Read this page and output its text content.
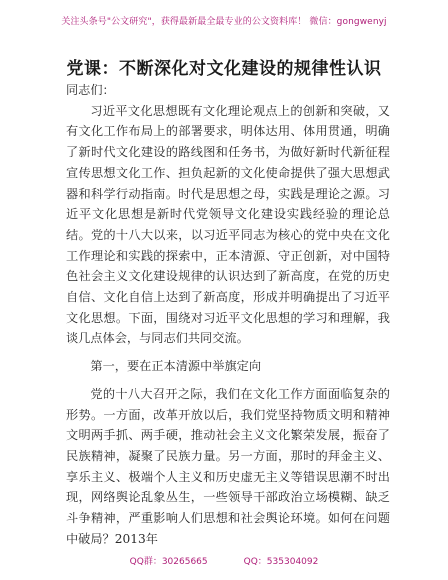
关注头条号"公文研究"，获得最新最全最专业的公文资料库！ 微信：gongwenyj
党课：不断深化对文化建设的规律性认识

同志们：

习近平文化思想既有文化理论观点上的创新和突破，又有文化工作布局上的部署要求，明体达用、体用贯通，明确了新时代文化建设的路线图和任务书，为做好新时代新征程宣传思想文化工作、担负起新的文化使命提供了强大思想武器和科学行动指南。时代是思想之母，实践是理论之源。习近平文化思想是新时代党领导文化建设实践经验的理论总结。党的十八大以来，以习近平同志为核心的党中央在文化工作理论和实践的探索中，正本清源、守正创新，对中国特色社会主义文化建设规律的认识达到了新高度，在党的历史自信、文化自信上达到了新高度，形成并明确提出了习近平文化思想。下面，围绕对习近平文化思想的学习和理解，我谈几点体会，与同志们共同交流。

第一，要在正本清源中举旗定向

党的十八大召开之际，我们在文化工作方面面临复杂的形势。一方面，改革开放以后，我们党坚持物质文明和精神文明两手抓、两手硬，推动社会主义文化繁荣发展，振奋了民族精神，凝聚了民族力量。另一方面，那时的拜金主义、享乐主义、极端个人主义和历史虚无主义等错误思潮不时出现，网络舆论乱象丛生，一些领导干部政治立场模糊、缺乏斗争精神，严重影响人们思想和社会舆论环境。如何在问题中破局？2013年

QQ群：30265665	QQ：535304092
